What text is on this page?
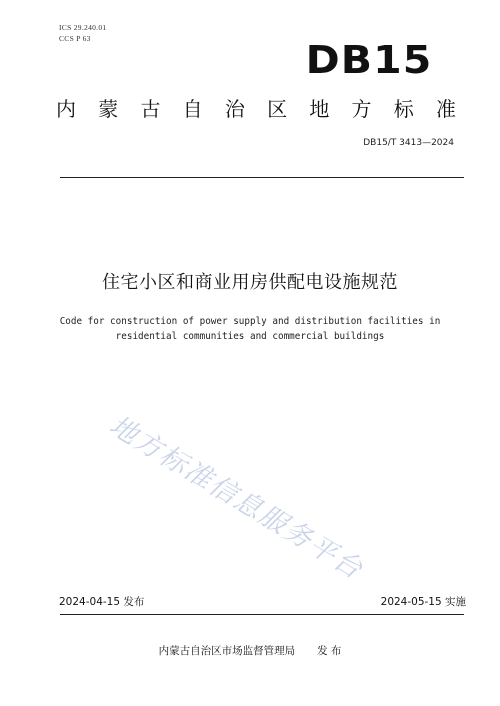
ICS 29.240.01
CCS P 63	DB15
内 蒙 古 自 治 区 地 方 标 准
DB15/T 3413—2024
住宅小区和商业用房供配电设施规范
Code for construction of power supply and distribution facilities in
residential communities and commercial buildings
地方标准信息服务平台
2024-04-15 发布	2024-05-15 实施
内蒙古自治区市场监督管理局 发 布
